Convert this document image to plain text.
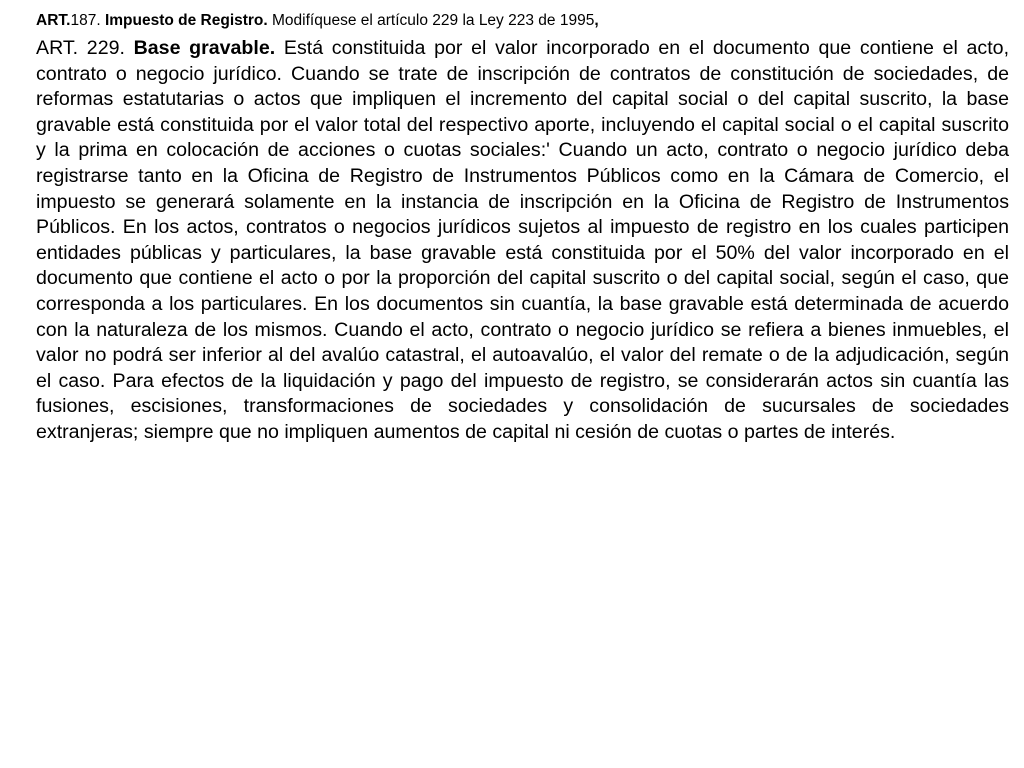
ART.187. Impuesto de Registro. Modifíquese el artículo 229 la Ley 223 de 1995,

ART. 229. Base gravable. Está constituida por el valor incorporado en el documento que contiene el acto, contrato o negocio jurídico. Cuando se trate de inscripción de contratos de constitución de sociedades, de reformas estatutarias o actos que impliquen el incremento del capital social o del capital suscrito, la base gravable está constituida por el valor total del respectivo aporte, incluyendo el capital social o el capital suscrito y la prima en colocación de acciones o cuotas sociales:' Cuando un acto, contrato o negocio jurídico deba registrarse tanto en la Oficina de Registro de Instrumentos Públicos como en la Cámara de Comercio, el impuesto se generará solamente en la instancia de inscripción en la Oficina de Registro de Instrumentos Públicos. En los actos, contratos o negocios jurídicos sujetos al impuesto de registro en los cuales participen entidades públicas y particulares, la base gravable está constituida por el 50% del valor incorporado en el documento que contiene el acto o por la proporción del capital suscrito o del capital social, según el caso, que corresponda a los particulares. En los documentos sin cuantía, la base gravable está determinada de acuerdo con la naturaleza de los mismos. Cuando el acto, contrato o negocio jurídico se refiera a bienes inmuebles, el valor no podrá ser inferior al del avalúo catastral, el autoavalúo, el valor del remate o de la adjudicación, según el caso. Para efectos de la liquidación y pago del impuesto de registro, se considerarán actos sin cuantía las fusiones, escisiones, transformaciones de sociedades y consolidación de sucursales de sociedades extranjeras; siempre que no impliquen aumentos de capital ni cesión de cuotas o partes de interés.
